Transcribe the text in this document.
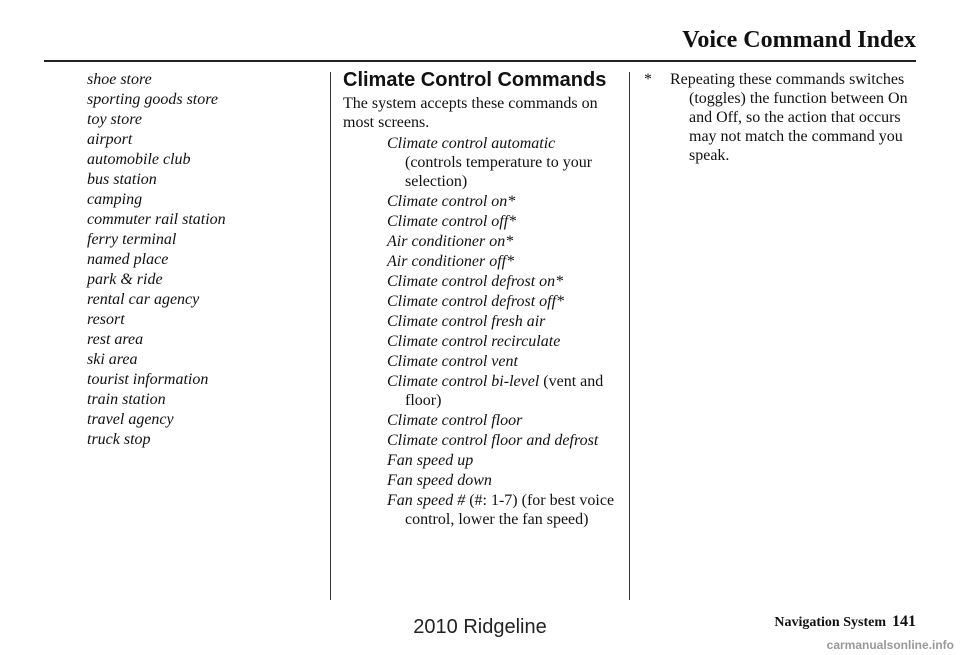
Voice Command Index
shoe store
sporting goods store
toy store
airport
automobile club
bus station
camping
commuter rail station
ferry terminal
named place
park & ride
rental car agency
resort
rest area
ski area
tourist information
train station
travel agency
truck stop
Climate Control Commands
The system accepts these commands on most screens.
Climate control automatic
(controls temperature to your selection)
Climate control on*
Climate control off*
Air conditioner on*
Air conditioner off*
Climate control defrost on*
Climate control defrost off*
Climate control fresh air
Climate control recirculate
Climate control vent
Climate control bi-level (vent and floor)
Climate control floor
Climate control floor and defrost
Fan speed up
Fan speed down
Fan speed # (#: 1-7) (for best voice control, lower the fan speed)
*	Repeating these commands switches
(toggles) the function between On and Off, so the action that occurs may not match the command you speak.
Navigation System 141
2010 Ridgeline
carmanualsonline.info
